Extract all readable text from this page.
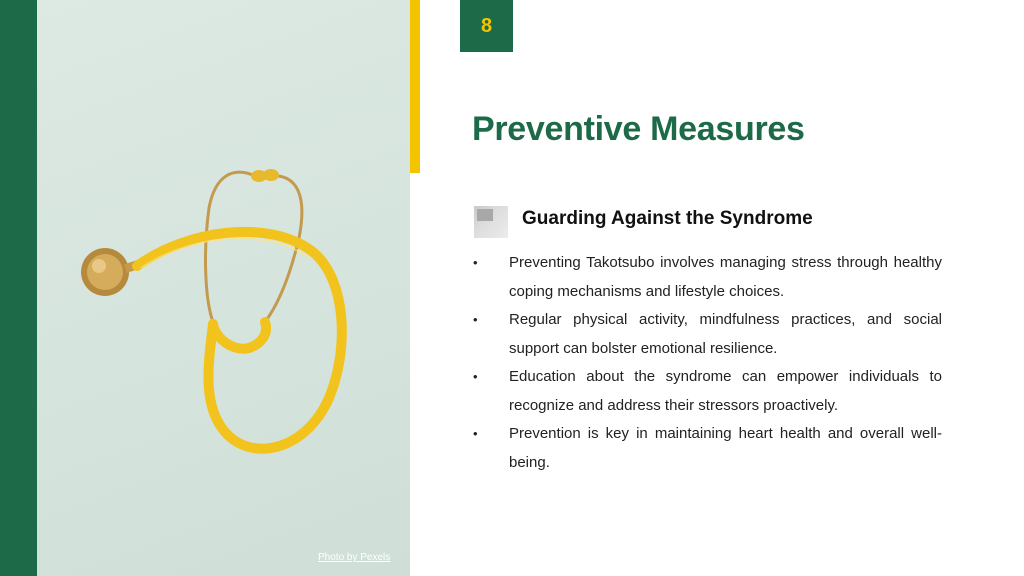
Photo by Pexels
8
Preventive Measures
Guarding Against the Syndrome
• Preventing Takotsubo involves managing stress through healthy coping mechanisms and lifestyle choices.
• Regular physical activity, mindfulness practices, and social support can bolster emotional resilience.
• Education about the syndrome can empower individuals to recognize and address their stressors proactively.
• Prevention is key in maintaining heart health and overall well-being.
